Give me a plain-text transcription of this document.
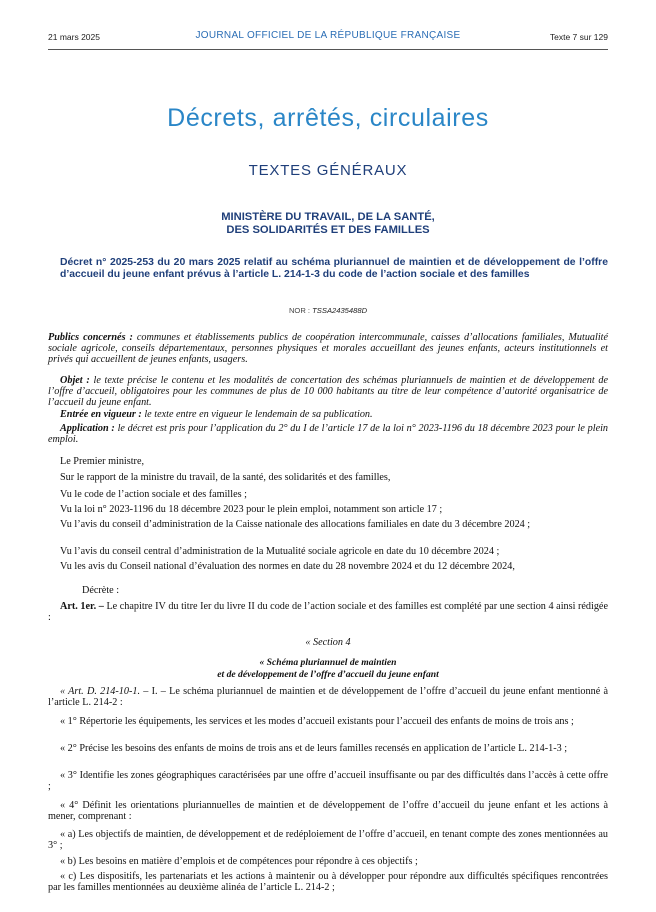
21 mars 2025	JOURNAL OFFICIEL DE LA RÉPUBLIQUE FRANÇAISE	Texte 7 sur 129
Décrets, arrêtés, circulaires
TEXTES GÉNÉRAUX
MINISTÈRE DU TRAVAIL, DE LA SANTÉ,
DES SOLIDARITÉS ET DES FAMILLES
Décret n° 2025-253 du 20 mars 2025 relatif au schéma pluriannuel de maintien et de développement de l’offre d’accueil du jeune enfant prévus à l’article L. 214-1-3 du code de l’action sociale et des familles
NOR : TSSA2435488D
Publics concernés : communes et établissements publics de coopération intercommunale, caisses d’allocations familiales, Mutualité sociale agricole, conseils départementaux, personnes physiques et morales accueillant des jeunes enfants, acteurs institutionnels et privés qui accueillent de jeunes enfants, usagers.
Objet : le texte précise le contenu et les modalités de concertation des schémas pluriannuels de maintien et de développement de l’offre d’accueil, obligatoires pour les communes de plus de 10 000 habitants au titre de leur compétence d’autorité organisatrice de l’accueil du jeune enfant.
Entrée en vigueur : le texte entre en vigueur le lendemain de sa publication.
Application : le décret est pris pour l’application du 2° du I de l’article 17 de la loi n° 2023-1196 du 18 décembre 2023 pour le plein emploi.
Le Premier ministre,
Sur le rapport de la ministre du travail, de la santé, des solidarités et des familles,
Vu le code de l’action sociale et des familles ;
Vu la loi n° 2023-1196 du 18 décembre 2023 pour le plein emploi, notamment son article 17 ;
Vu l’avis du conseil d’administration de la Caisse nationale des allocations familiales en date du 3 décembre 2024 ;
Vu l’avis du conseil central d’administration de la Mutualité sociale agricole en date du 10 décembre 2024 ;
Vu les avis du Conseil national d’évaluation des normes en date du 28 novembre 2024 et du 12 décembre 2024,
Décrète :
Art. 1er. – Le chapitre IV du titre Ier du livre II du code de l’action sociale et des familles est complété par une section 4 ainsi rédigée :
« Section 4
« Schéma pluriannuel de maintien
et de développement de l’offre d’accueil du jeune enfant
« Art. D. 214-10-1. – I. – Le schéma pluriannuel de maintien et de développement de l’offre d’accueil du jeune enfant mentionné à l’article L. 214-2 :
« 1° Répertorie les équipements, les services et les modes d’accueil existants pour l’accueil des enfants de moins de trois ans ;
« 2° Précise les besoins des enfants de moins de trois ans et de leurs familles recensés en application de l’article L. 214-1-3 ;
« 3° Identifie les zones géographiques caractérisées par une offre d’accueil insuffisante ou par des difficultés dans l’accès à cette offre ;
« 4° Définit les orientations pluriannuelles de maintien et de développement de l’offre d’accueil du jeune enfant et les actions à mener, comprenant :
« a) Les objectifs de maintien, de développement et de redéploiement de l’offre d’accueil, en tenant compte des zones mentionnées au 3° ;
« b) Les besoins en matière d’emplois et de compétences pour répondre à ces objectifs ;
« c) Les dispositifs, les partenariats et les actions à maintenir ou à développer pour répondre aux difficultés spécifiques rencontrées par les familles mentionnées au deuxième alinéa de l’article L. 214-2 ;
